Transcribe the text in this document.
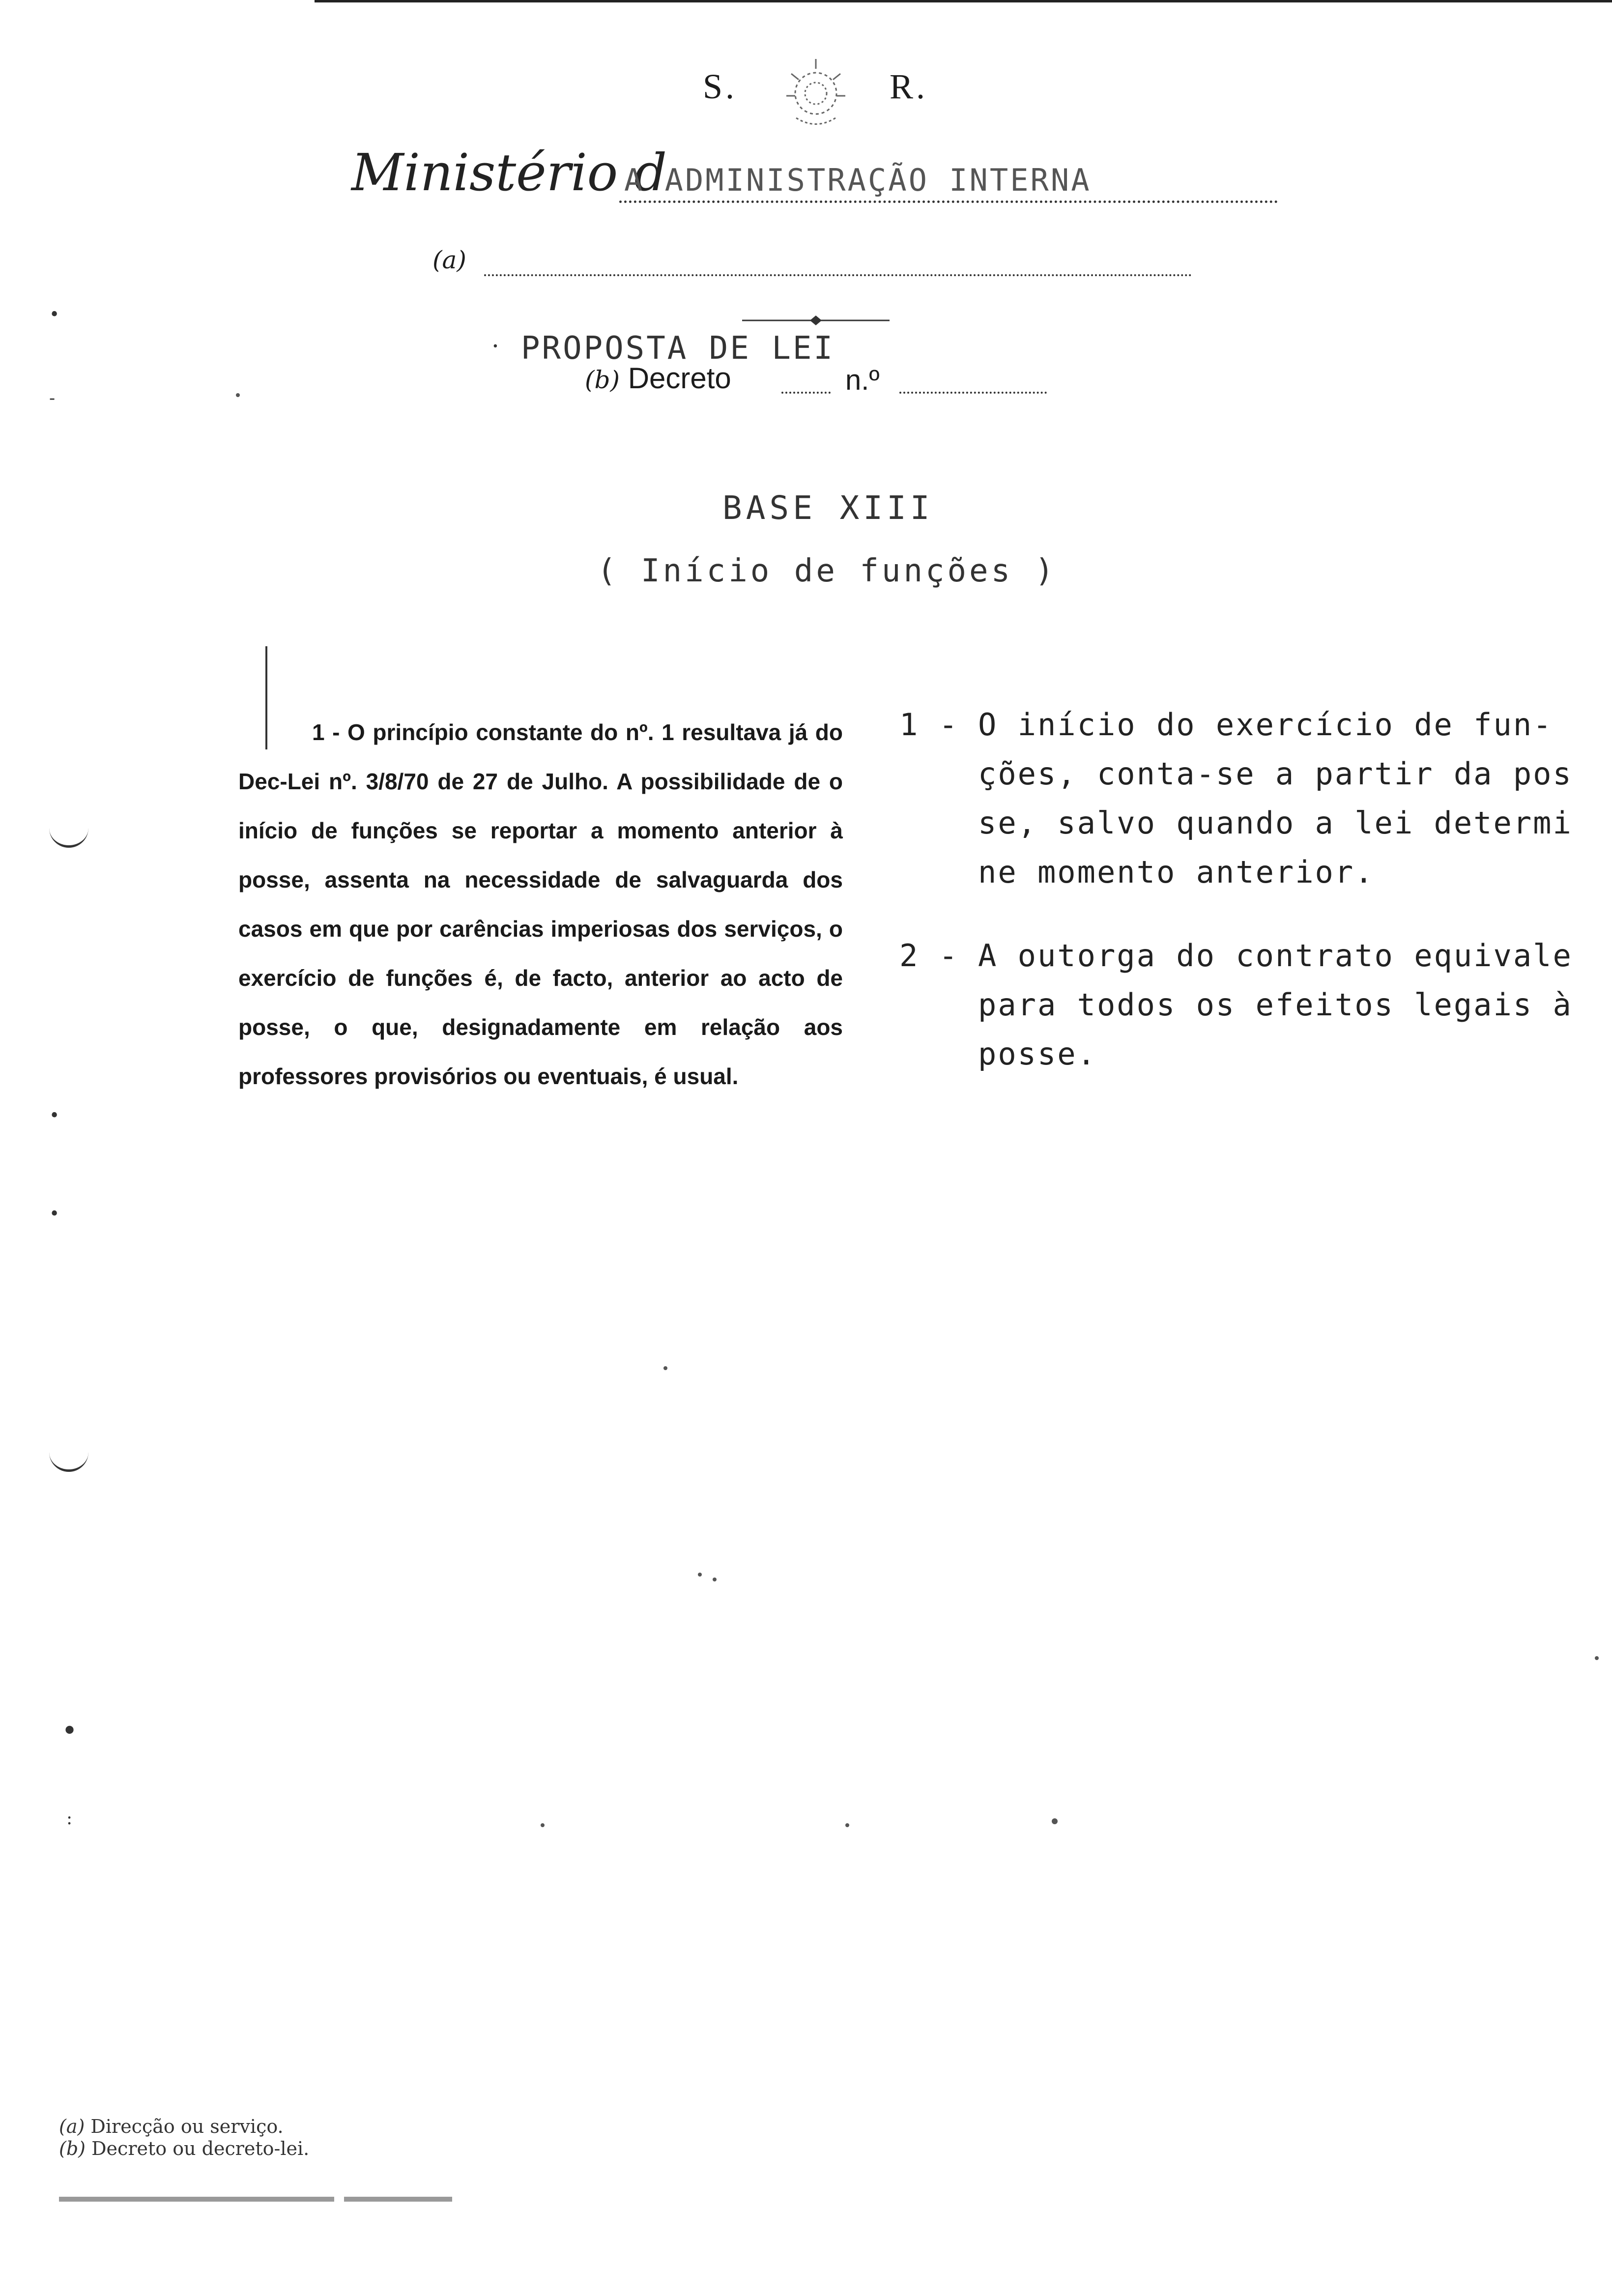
S.	R.
Ministério d
A ADMINISTRAÇÃO INTERNA
(a)
· PROPOSTA DE LEI
(b) Decreto	n.º
BASE XIII
( Início de funções )
1 - O princípio constante do nº. 1 resultava já do Dec-Lei nº. 3/8/70 de 27 de Julho. A possibilidade de o início de funções se reportar a momento anterior à posse, assenta na necessidade de salvaguarda dos casos em que por carências imperiosas dos serviços, o exercício de funções é, de facto, anterior ao acto de posse, o que, designadamente em relação aos professores provisórios ou eventuais, é usual.
1 - O início do exercício de fun-
ções, conta-se a partir da pos
se, salvo quando a lei determi
ne momento anterior.
2 - A outorga do contrato equivale
para todos os efeitos legais à
posse.
•
-
•
•
•
:
(a) Direcção ou serviço.
(b) Decreto ou decreto-lei.
